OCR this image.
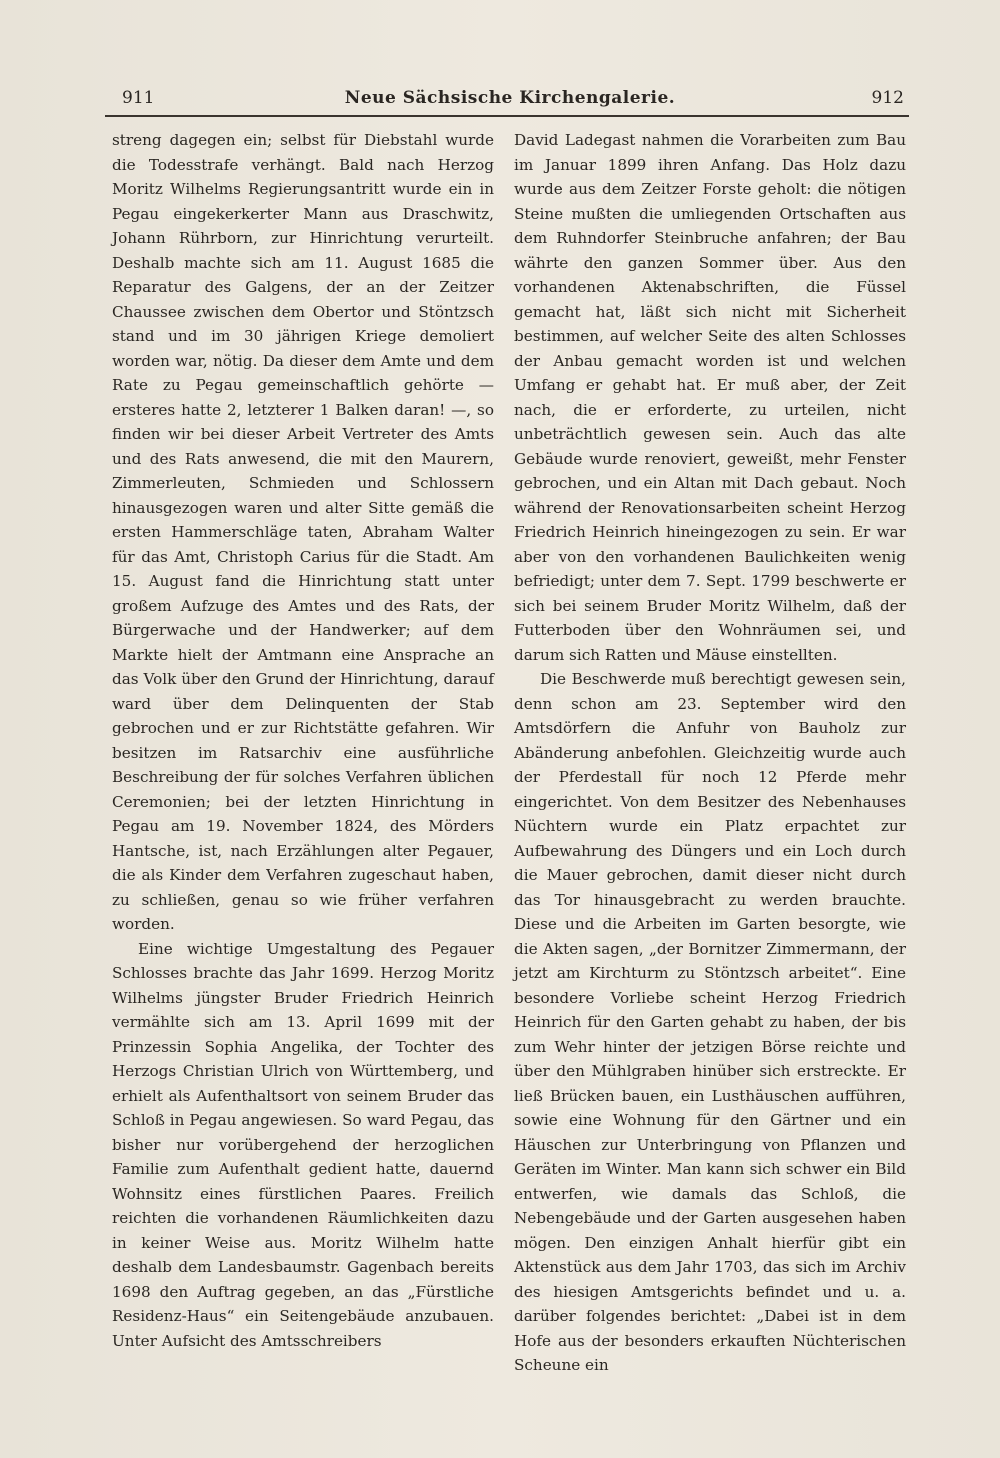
911	Neue Sächsische Kirchengalerie.	912

streng dagegen ein; selbst für Diebstahl wurde die Todesstrafe verhängt. Bald nach Herzog Moritz Wilhelms Regierungsantritt wurde ein in Pegau eingekerkerter Mann aus Draschwitz, Johann Rührborn, zur Hinrichtung verurteilt. Deshalb machte sich am 11. August 1685 die Reparatur des Galgens, der an der Zeitzer Chaussee zwischen dem Obertor und Stöntzsch stand und im 30 jährigen Kriege demoliert worden war, nötig. Da dieser dem Amte und dem Rate zu Pegau gemeinschaftlich gehörte — ersteres hatte 2, letzterer 1 Balken daran! —, so finden wir bei dieser Arbeit Vertreter des Amts und des Rats anwesend, die mit den Maurern, Zimmerleuten, Schmieden und Schlossern hinausgezogen waren und alter Sitte gemäß die ersten Hammerschläge taten, Abraham Walter für das Amt, Christoph Carius für die Stadt. Am 15. August fand die Hinrichtung statt unter großem Aufzuge des Amtes und des Rats, der Bürgerwache und der Handwerker; auf dem Markte hielt der Amtmann eine Ansprache an das Volk über den Grund der Hinrichtung, darauf ward über dem Delinquenten der Stab gebrochen und er zur Richtstätte gefahren. Wir besitzen im Ratsarchiv eine ausführliche Beschreibung der für solches Verfahren üblichen Ceremonien; bei der letzten Hinrichtung in Pegau am 19. November 1824, des Mörders Hantsche, ist, nach Erzählungen alter Pegauer, die als Kinder dem Verfahren zugeschaut haben, zu schließen, genau so wie früher verfahren worden.

Eine wichtige Umgestaltung des Pegauer Schlosses brachte das Jahr 1699. Herzog Moritz Wilhelms jüngster Bruder Friedrich Heinrich vermählte sich am 13. April 1699 mit der Prinzessin Sophia Angelika, der Tochter des Herzogs Christian Ulrich von Württemberg, und erhielt als Aufenthaltsort von seinem Bruder das Schloß in Pegau angewiesen. So ward Pegau, das bisher nur vorübergehend der herzoglichen Familie zum Aufenthalt gedient hatte, dauernd Wohnsitz eines fürstlichen Paares. Freilich reichten die vorhandenen Räumlichkeiten dazu in keiner Weise aus. Moritz Wilhelm hatte deshalb dem Landesbaumstr. Gagenbach bereits 1698 den Auftrag gegeben, an das „Fürstliche Residenz-Haus“ ein Seitengebäude anzubauen. Unter Aufsicht des Amtsschreibers

David Ladegast nahmen die Vorarbeiten zum Bau im Januar 1899 ihren Anfang. Das Holz dazu wurde aus dem Zeitzer Forste geholt: die nötigen Steine mußten die umliegenden Ortschaften aus dem Ruhndorfer Steinbruche anfahren; der Bau währte den ganzen Sommer über. Aus den vorhandenen Aktenabschriften, die Füssel gemacht hat, läßt sich nicht mit Sicherheit bestimmen, auf welcher Seite des alten Schlosses der Anbau gemacht worden ist und welchen Umfang er gehabt hat. Er muß aber, der Zeit nach, die er erforderte, zu urteilen, nicht unbeträchtlich gewesen sein. Auch das alte Gebäude wurde renoviert, geweißt, mehr Fenster gebrochen, und ein Altan mit Dach gebaut. Noch während der Renovationsarbeiten scheint Herzog Friedrich Heinrich hineingezogen zu sein. Er war aber von den vorhandenen Baulichkeiten wenig befriedigt; unter dem 7. Sept. 1799 beschwerte er sich bei seinem Bruder Moritz Wilhelm, daß der Futterboden über den Wohnräumen sei, und darum sich Ratten und Mäuse einstellten.

Die Beschwerde muß berechtigt gewesen sein, denn schon am 23. September wird den Amtsdörfern die Anfuhr von Bauholz zur Abänderung anbefohlen. Gleichzeitig wurde auch der Pferdestall für noch 12 Pferde mehr eingerichtet. Von dem Besitzer des Nebenhauses Nüchtern wurde ein Platz erpachtet zur Aufbewahrung des Düngers und ein Loch durch die Mauer gebrochen, damit dieser nicht durch das Tor hinausgebracht zu werden brauchte. Diese und die Arbeiten im Garten besorgte, wie die Akten sagen, „der Bornitzer Zimmermann, der jetzt am Kirchturm zu Stöntzsch arbeitet“. Eine besondere Vorliebe scheint Herzog Friedrich Heinrich für den Garten gehabt zu haben, der bis zum Wehr hinter der jetzigen Börse reichte und über den Mühlgraben hinüber sich erstreckte. Er ließ Brücken bauen, ein Lusthäuschen aufführen, sowie eine Wohnung für den Gärtner und ein Häuschen zur Unterbringung von Pflanzen und Geräten im Winter. Man kann sich schwer ein Bild entwerfen, wie damals das Schloß, die Nebengebäude und der Garten ausgesehen haben mögen. Den einzigen Anhalt hierfür gibt ein Aktenstück aus dem Jahr 1703, das sich im Archiv des hiesigen Amtsgerichts befindet und u. a. darüber folgendes berichtet: „Dabei ist in dem Hofe aus der besonders erkauften Nüchterischen Scheune ein
